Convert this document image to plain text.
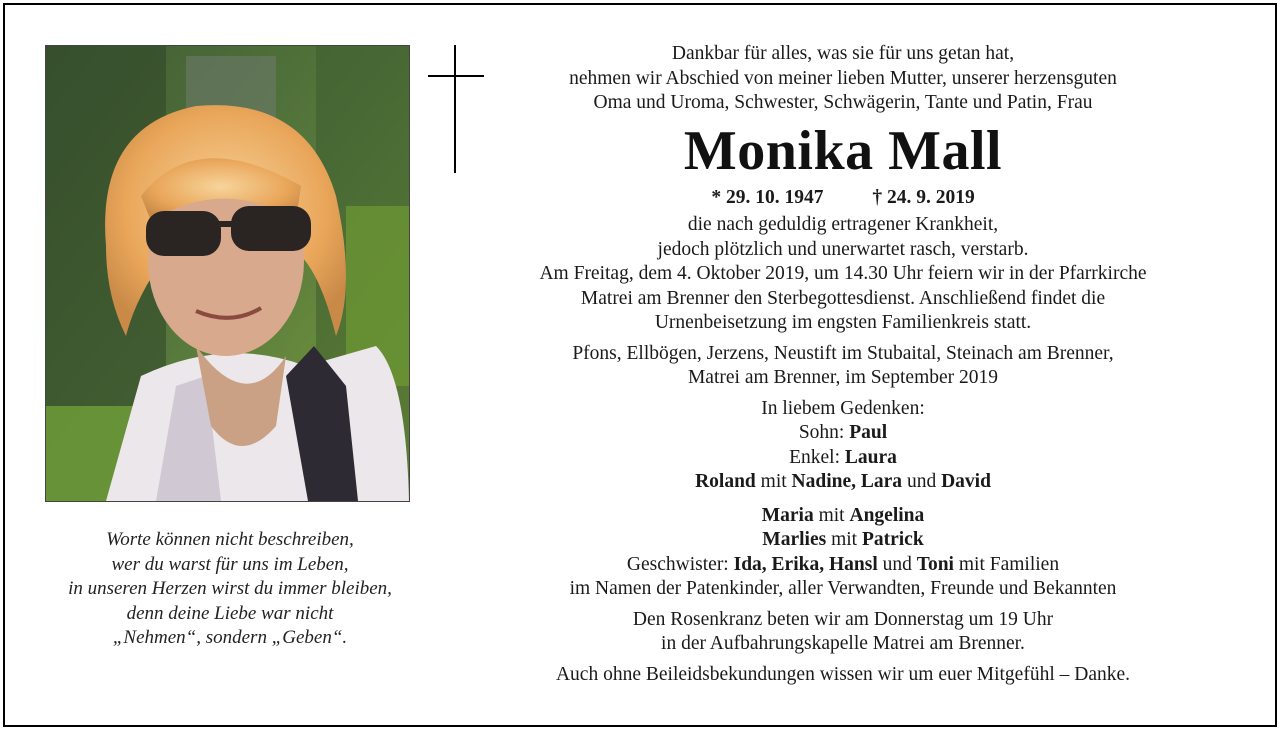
Worte können nicht beschreiben,
wer du warst für uns im Leben,
in unseren Herzen wirst du immer bleiben,
denn deine Liebe war nicht
„Nehmen“, sondern „Geben“.
Dankbar für alles, was sie für uns getan hat,
nehmen wir Abschied von meiner lieben Mutter, unserer herzensguten
Oma und Uroma, Schwester, Schwägerin, Tante und Patin, Frau
Monika Mall
* 29. 10. 1947	† 24. 9. 2019
die nach geduldig ertragener Krankheit,
jedoch plötzlich und unerwartet rasch, verstarb.
Am Freitag, dem 4. Oktober 2019, um 14.30 Uhr feiern wir in der Pfarrkirche
Matrei am Brenner den Sterbegottesdienst. Anschließend findet die
Urnenbeisetzung im engsten Familienkreis statt.
Pfons, Ellbögen, Jerzens, Neustift im Stubaital, Steinach am Brenner,
Matrei am Brenner, im September 2019
In liebem Gedenken:
Sohn: Paul
Enkel: Laura
Roland mit Nadine, Lara und David
Maria mit Angelina
Marlies mit Patrick
Geschwister: Ida, Erika, Hansl und Toni mit Familien
im Namen der Patenkinder, aller Verwandten, Freunde und Bekannten
Den Rosenkranz beten wir am Donnerstag um 19 Uhr
in der Aufbahrungskapelle Matrei am Brenner.
Auch ohne Beileidsbekundungen wissen wir um euer Mitgefühl – Danke.
